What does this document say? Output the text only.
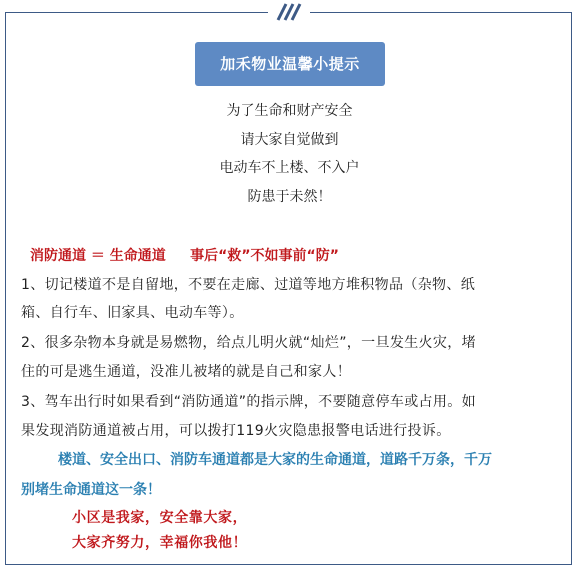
加禾物业温馨小提示
为了生命和财产安全
请大家自觉做到
电动车不上楼、不入户
防患于未然！
消防通道 ＝ 生命通道     事后“救”不如事前“防”
1、切记楼道不是自留地，不要在走廊、过道等地方堆积物品（杂物、纸
箱、自行车、旧家具、电动车等）。
2、很多杂物本身就是易燃物，给点儿明火就“灿烂”，一旦发生火灾，堵
住的可是逃生通道，没准儿被堵的就是自己和家人！
3、驾车出行时如果看到“消防通道”的指示牌，不要随意停车或占用。如
果发现消防通道被占用，可以拨打119火灾隐患报警电话进行投诉。
楼道、安全出口、消防车通道都是大家的生命通道，道路千万条，千万
别堵生命通道这一条！
小区是我家，安全靠大家，
大家齐努力，幸福你我他！
